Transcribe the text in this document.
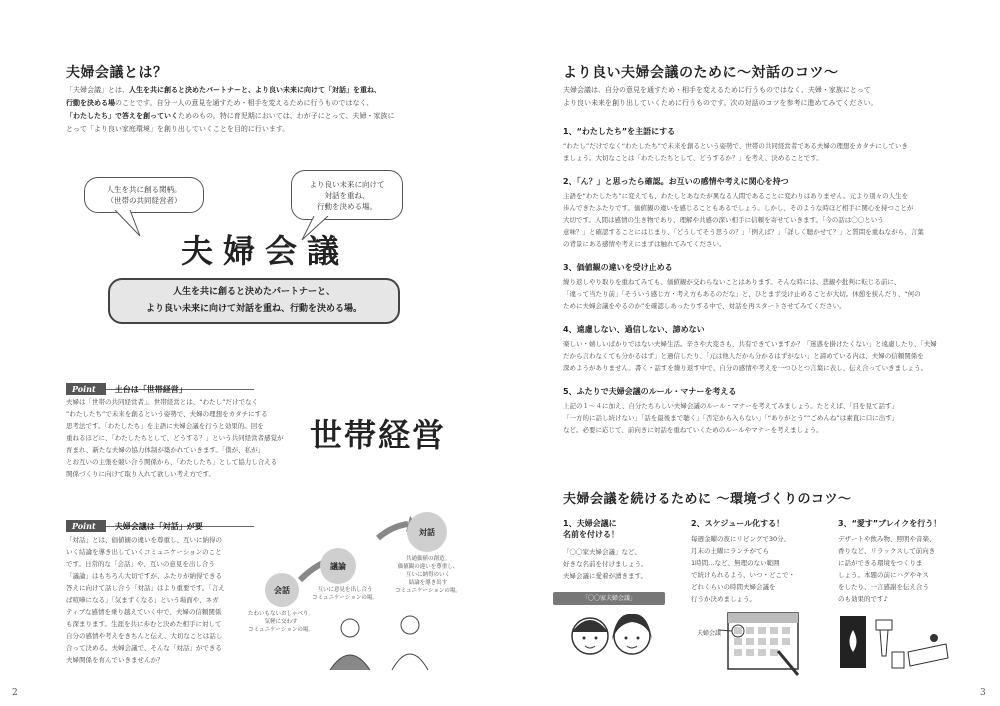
夫婦会議とは？
「夫婦会議」とは、人生を共に創ると決めたパートナーと、より良い未来に向けて「対話」を重ね、
行動を決める場のことです。自分一人の意見を通すため・相手を変えるために行うものではなく、
「わたしたち」で答えを創っていくためのもの。特に育児期においては、わが子にとって、夫婦・家族に
とって「より良い家庭環境」を創り出していくことを目的に行います。
人生を共に創る関柄。
（世帯の共同経営者）
より良い未来に向けて
対話を重ね、
行動を決める場。
夫婦会議
人生を共に創ると決めたパートナーと、
より良い未来に向けて対話を重ね、行動を決める場。
Point 土台は「世帯経営」
夫婦は「世帯の共同経営者」。世帯経営とは、“わたし”だけでなく
“わたしたち”で未来を創るという姿勢で、夫婦の理想をカタチにする
思考法です。「わたしたち」を主語に夫婦会議を行うと効果的。回を
重ねるほどに、「わたしたちとして、どうする？」という共同経営者感覚が
育まれ、新たな夫婦の協力体制が築かれていきます。「僕が、私が」
とお互いの主張を競い合う関係から、「わたしたち」として協力し合える
関係づくりに向けて取り入れて欲しい考え方です。
世帯経営
Point 夫婦会議は「対話」が要
「対話」とは、価値観の違いを尊重し、互いに納得の
いく結論を導き出していくコミュニケーションのこと
です。日常的な「会話」や、互いの意見を出し合う
「議論」はもちろん大切ですが、ふたりが納得できる
答えに向けて話し合う「対話」はより重要です。「言え
ば喧嘩になる」「気まずくなる」という場面や、ネガ
ティブな感情を乗り越えていく中で、夫婦の信頼関係
も深まります。生涯を共に歩むと決めた相手に対して
自分の感情や考えをきちんと伝え、大切なことは話し
合って決める。夫婦会議で、そんな「対話」ができる
夫婦関係を育んでいきませんか？
会話
議論
対話
たわいもないおしゃべり。
気軽に交わす
コミュニケーションの場。
互いに意見を出し合う
コミュニケーションの場。
共通価値の創造。
価値観の違いを尊重し、
互いに納得のいく
結論を導き出す
コミュニケーションの場。
2
より良い夫婦会議のために～対話のコツ～
夫婦会議は、自分の意見を通すため・相手を変えるために行うものではなく、夫婦・家族にとって
より良い未来を創り出していくために行うものです。次の対話のコツを参考に進めてみてください。
1、“わたしたち”を主語にする
“わたし”だけでなく“わたしたち”で未来を創るという姿勢で、世帯の共同経営者である夫婦の理想をカタチにしていき
ましょう。大切なことは「わたしたちとして、どうするか？」を考え、決めることです。
2、「ん？」と思ったら確認。お互いの感情や考えに関心を持つ
主語を“わたしたち”に変えても、わたしとあなたが異なる人間であることに変わりはありません。元より別々の人生を
歩んできたふたりです。価値観の違いを感じることもあるでしょう。しかし、そのような時ほど相手に関心を持つことが
大切です。人間は感情の生き物であり、理解や共感の深い相手に信頼を寄せていきます。「今の話は〇〇という
意味？」と確認することにはじまり、「どうしてそう思うの？」「例えば？」「詳しく聴かせて？」と質問を重ねながら、言葉
の背景にある感情や考えにまずは触れてみてください。
3、価値観の違いを受け止める
繰り返しやり取りを重ねてみても、価値観が交わらないことはあります。そんな時には、悲観や批判に転じる前に、
「違って当たり前」「そういう感じ方・考え方もあるのだな」と、ひとまず受け止めることが大切。休憩を挟んだり、“何の
ために夫婦会議をやるのか”を確認しあったりする中で、対話を再スタートさせてみてください。
4、遠慮しない、過信しない、諦めない
楽しい・嬉しいばかりではない夫婦生活。辛さや大変さも、共有できていますか？「迷惑を掛けたくない」と遠慮したり、「夫婦
だから言わなくても分かるはず」と過信したり、「元は他人だから分かるはずがない」と諦めている内は、夫婦の信頼関係を
深めようがありません。書く・話すを繰り返す中で、自分の感情や考えを一つひとつ言葉に表し、伝え合っていきましょう。
5、ふたりで夫婦会議のルール・マナーを考える
上記の１～４に加え、自分たちらしい夫婦会議のルール・マナーを考えてみましょう。たとえば、「目を見て話す」
「一方的に話し続けない」「話を最後まで聴く」「否定から入らない」「“ありがとう”“ごめんね”は素直に口に出す」
など。必要に応じて、前向きに対話を重ねていくためのルールやマナーを考えましょう。
夫婦会議を続けるために ～環境づくりのコツ～
1、夫婦会議に
名前を付ける！
「〇〇家夫婦会議」など、
好きな名前を付けましょう。
夫婦会議に愛着が湧きます。
「〇〇家夫婦会議」
2、スケジュール化する！
毎週金曜の夜にリビングで30分、
月末の土曜にランチがてら
1時間…など、無理のない範囲
で続けられるよう、いつ・どこで・
どれくらいの時間夫婦会議を
行うか決めましょう。
夫婦会議
3、“愛す”ブレイクを行う！
デザートや飲み物、照明や音楽、
香りなど、リラックスして前向き
に話ができる環境をつくりま
しょう。本題の前にハグやキス
をしたり、一言感謝を伝え合う
のも効果的です♪
3
